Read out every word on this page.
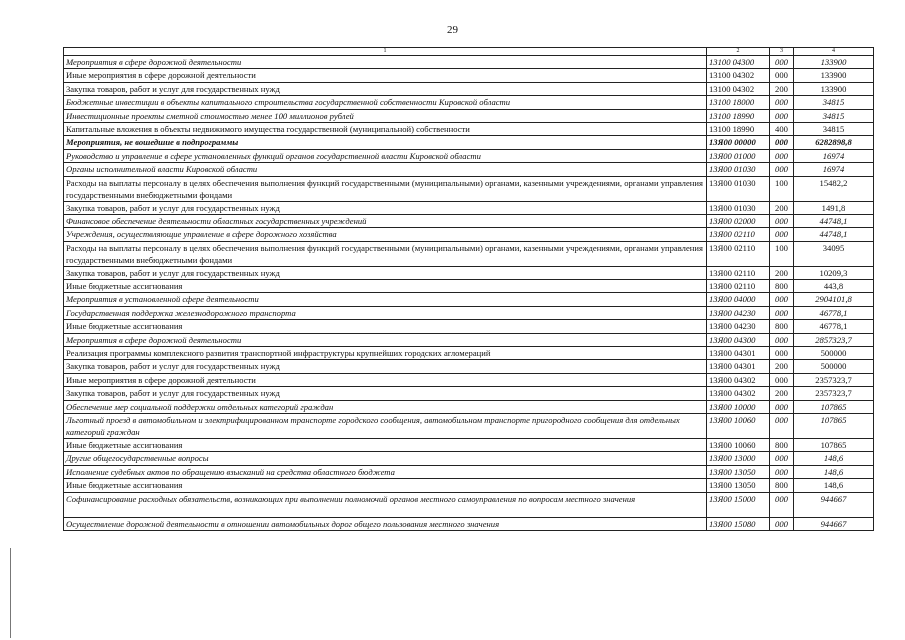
29
1	2	3	4
Мероприятия в сфере дорожной деятельности	13100 04300	000	133900
Иные мероприятия в сфере дорожной деятельности	13100 04302	000	133900
Закупка товаров, работ и услуг для государственных нужд	13100 04302	200	133900
Бюджетные инвестиции в объекты капитального строительства государственной собственности Кировской области	13100 18000	000	34815
Инвестиционные проекты сметной стоимостью менее 100 миллионов рублей	13100 18990	000	34815
Капитальные вложения в объекты недвижимого имущества государственной (муниципальной) собственности	13100 18990	400	34815
Мероприятия, не вошедшие в подпрограммы	13Я00 00000	000	6282898,8
Руководство и управление в сфере установленных функций органов государственной власти Кировской области	13Я00 01000	000	16974
Органы исполнительной власти Кировской области	13Я00 01030	000	16974
Расходы на выплаты персоналу в целях обеспечения выполнения функций государственными (муниципальными) органами, казенными учреждениями, органами управления государственными внебюджетными фондами	13Я00 01030	100	15482,2
Закупка товаров, работ и услуг для государственных нужд	13Я00 01030	200	1491,8
Финансовое обеспечение деятельности областных государственных учреждений	13Я00 02000	000	44748,1
Учреждения, осуществляющие управление в сфере дорожного хозяйства	13Я00 02110	000	44748,1
Расходы на выплаты персоналу в целях обеспечения выполнения функций государственными (муниципальными) органами, казенными учреждениями, органами управления государственными внебюджетными фондами	13Я00 02110	100	34095
Закупка товаров, работ и услуг для государственных нужд	13Я00 02110	200	10209,3
Иные бюджетные ассигнования	13Я00 02110	800	443,8
Мероприятия в установленной сфере деятельности	13Я00 04000	000	2904101,8
Государственная поддержка железнодорожного транспорта	13Я00 04230	000	46778,1
Иные бюджетные ассигнования	13Я00 04230	800	46778,1
Мероприятия в сфере дорожной деятельности	13Я00 04300	000	2857323,7
Реализация программы комплексного развития транспортной инфраструктуры крупнейших городских агломераций	13Я00 04301	000	500000
Закупка товаров, работ и услуг для государственных нужд	13Я00 04301	200	500000
Иные мероприятия в сфере дорожной деятельности	13Я00 04302	000	2357323,7
Закупка товаров, работ и услуг для государственных нужд	13Я00 04302	200	2357323,7
Обеспечение мер социальной поддержки отдельных категорий граждан	13Я00 10000	000	107865
Льготный проезд в автомобильном и электрифицированном транспорте городского сообщения, автомобильном транспорте пригородного сообщения для отдельных категорий граждан	13Я00 10060	000	107865
Иные бюджетные ассигнования	13Я00 10060	800	107865
Другие общегосударственные вопросы	13Я00 13000	000	148,6
Исполнение судебных актов по обращению взысканий на средства областного бюджета	13Я00 13050	000	148,6
Иные бюджетные ассигнования	13Я00 13050	800	148,6
Софинансирование расходных обязательств, возникающих при выполнении полномочий органов местного самоуправления по вопросам местного значения	13Я00 15000	000	944667
Осуществление дорожной деятельности в отношении автомобильных дорог общего пользования местного значения	13Я00 15080	000	944667
